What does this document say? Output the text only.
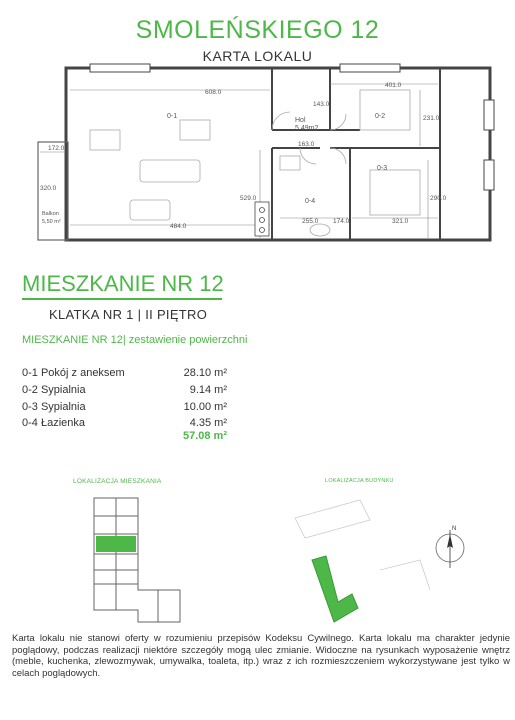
SMOLEŃSKIEGO 12
KARTA LOKALU
0-1	0-2
0-3
0-4
Hol
5,49m2
Balkon
5,50 m²
608.0
401.0
231.0
163.0
529.0
484.0
255.0 174.0	321.0
290.0
172.0
320.0
143.0
MIESZKANIE NR 12
KLATKA NR 1 | II PIĘTRO
MIESZKANIE NR 12| zestawienie powierzchni
0-1 Pokój z aneksem	28.10 m²
0-2 Sypialnia	9.14 m²
0-3 Sypialnia	10.00 m²
0-4 Łazienka	4.35 m²
57.08 m²
LOKALIZACJA MIESZKANIA	LOKALIZACJA BUDYNKU
N
Karta lokalu nie stanowi oferty w rozumieniu przepisów Kodeksu Cywilnego. Karta lokalu ma charakter jedynie poglądowy, podczas realizacji niektóre szczegóły mogą ulec zmianie. Widoczne na rysunkach wyposażenie wnętrz (meble, kuchenka, zlewozmywak, umywalka, toaleta, itp.) wraz z ich rozmieszczeniem wykorzystywane jest tylko w celach poglądowych.
